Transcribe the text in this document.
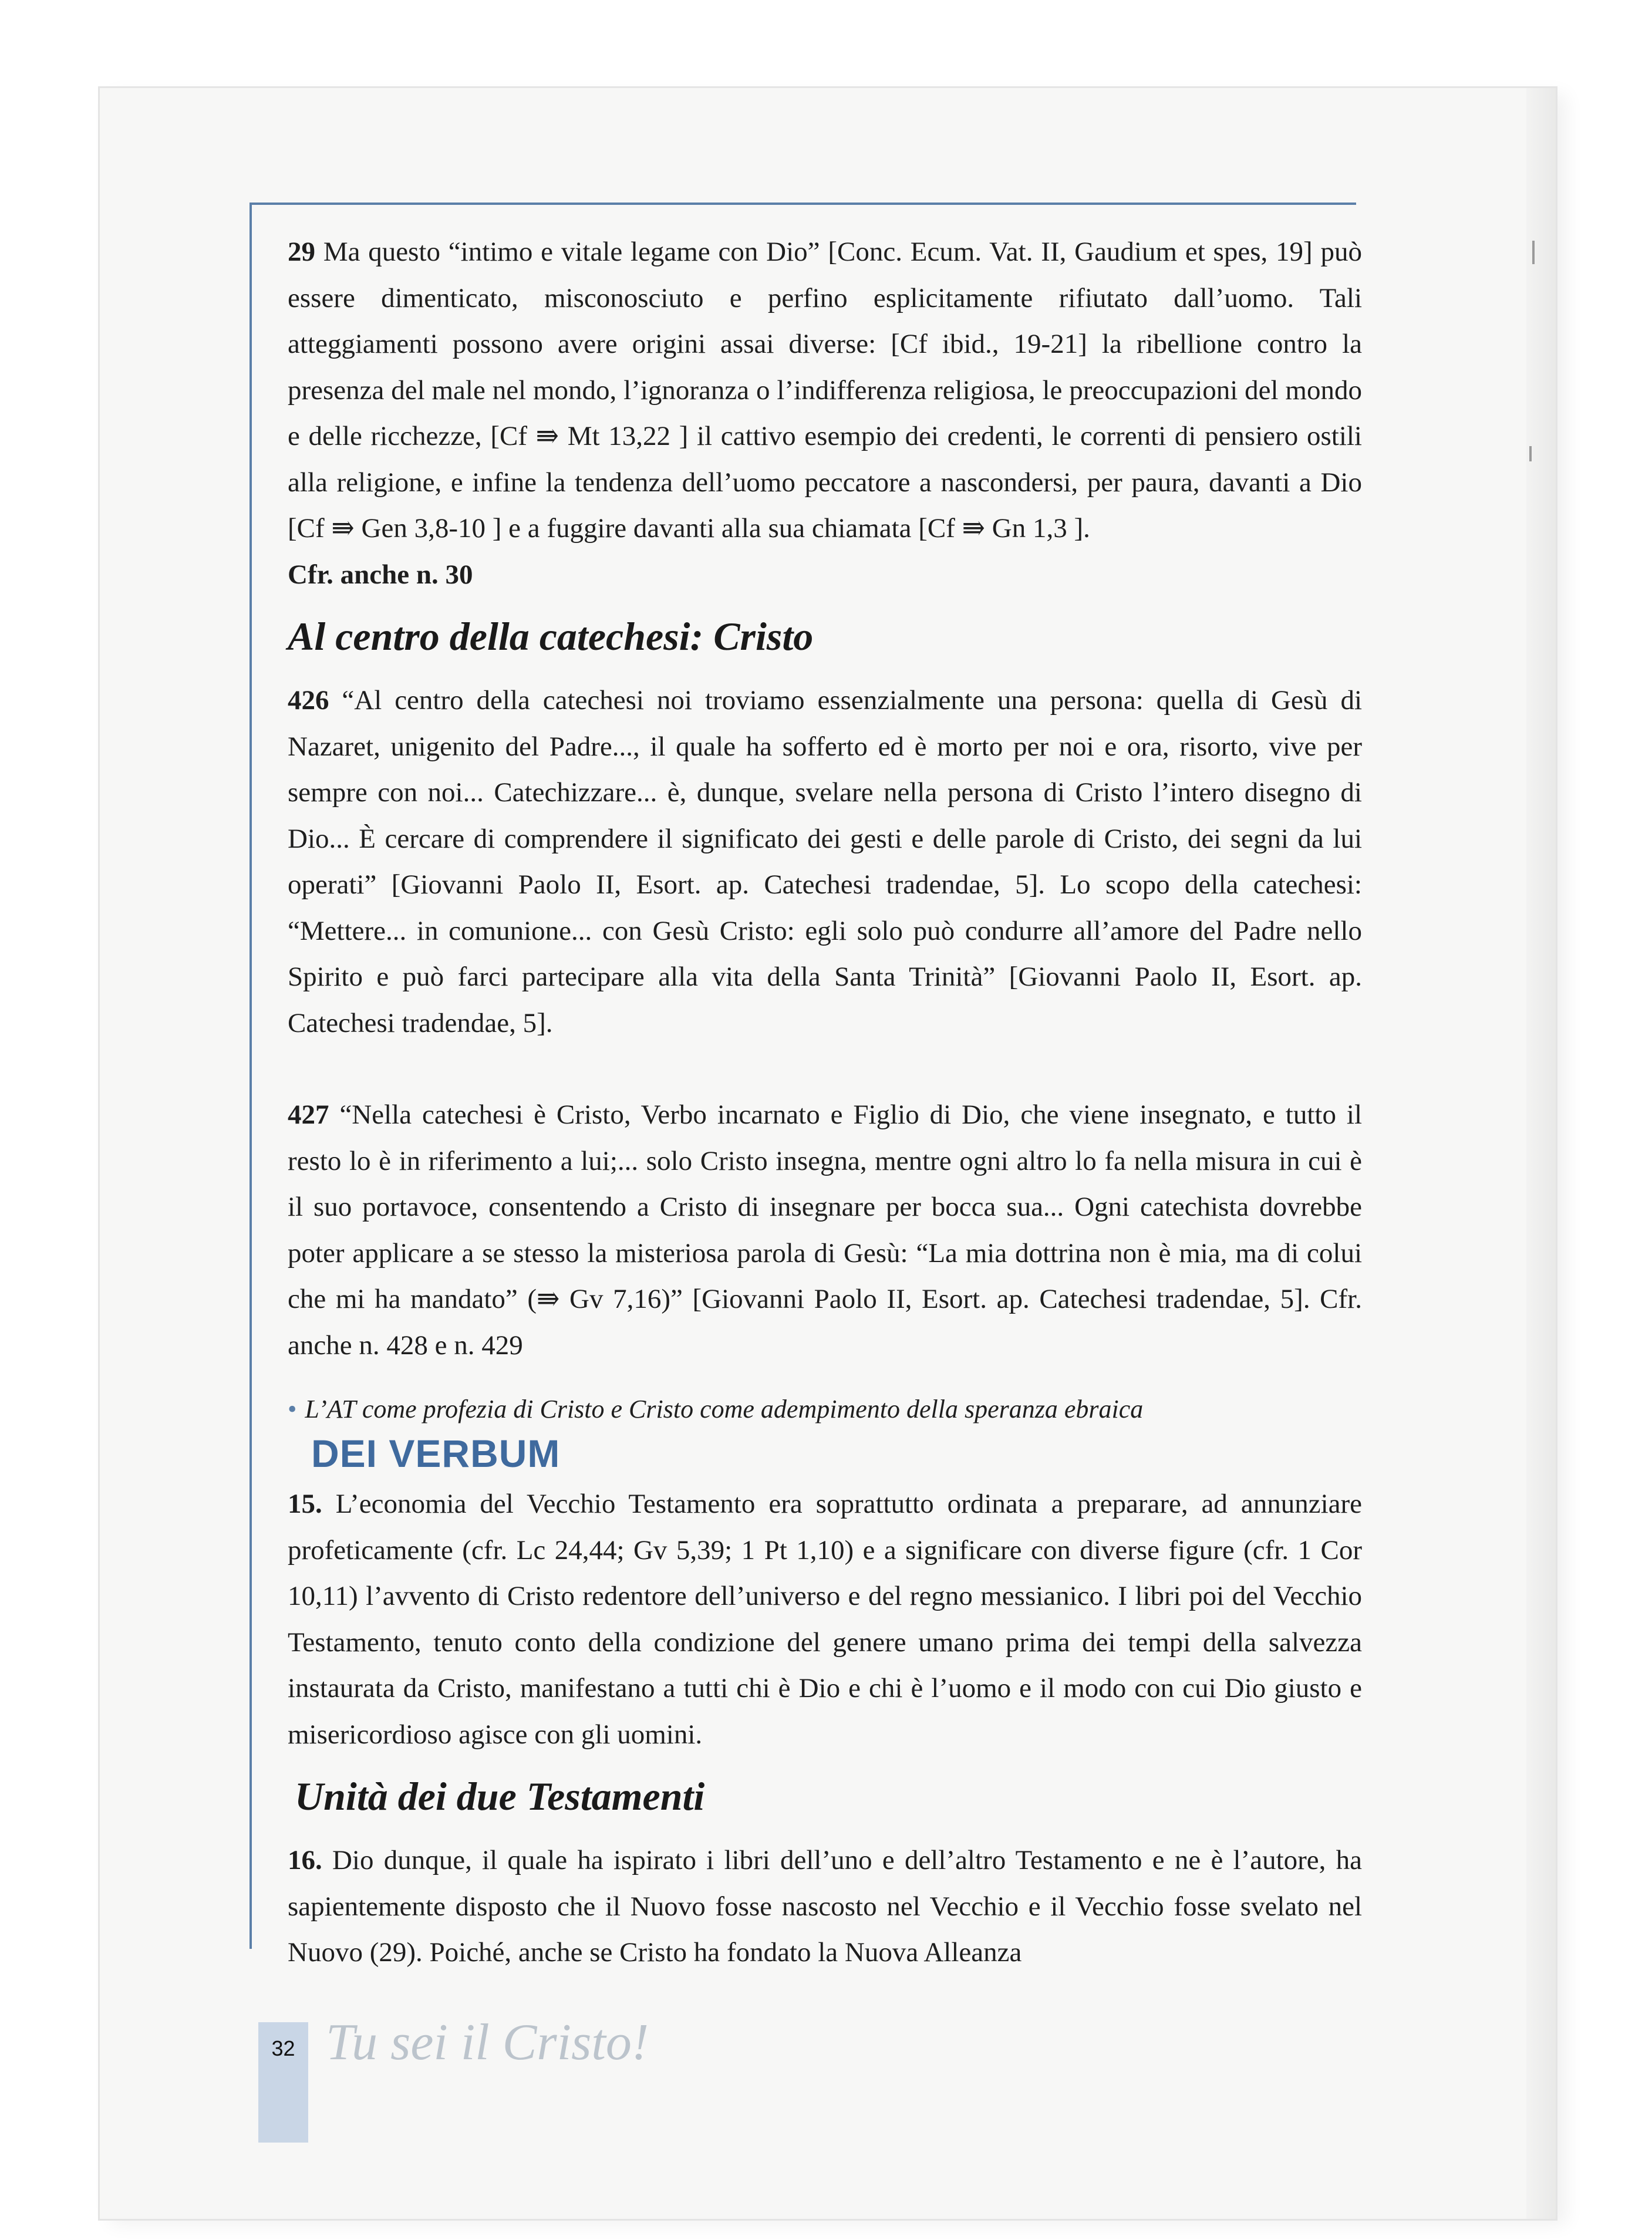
29 Ma questo “intimo e vitale legame con Dio” [Conc. Ecum. Vat. II, Gaudium et spes, 19] può essere dimenticato, misconosciuto e perfino esplicitamente rifiutato dall’uomo. Tali atteggiamenti possono avere origini assai diverse: [Cf ibid., 19-21] la ribellione contro la presenza del male nel mondo, l’ignoranza o l’indifferenza religiosa, le preoccupazioni del mondo e delle ricchezze, [Cf ⇛ Mt 13,22 ] il cattivo esempio dei credenti, le correnti di pensiero ostili alla religione, e infine la tendenza dell’uomo peccatore a nascondersi, per paura, davanti a Dio [Cf ⇛ Gen 3,8-10 ] e a fuggire davanti alla sua chiamata [Cf ⇛ Gn 1,3 ].

Cfr. anche n. 30

Al centro della catechesi: Cristo

426 “Al centro della catechesi noi troviamo essenzialmente una persona: quella di Gesù di Nazaret, unigenito del Padre..., il quale ha sofferto ed è morto per noi e ora, risorto, vive per sempre con noi... Catechizzare... è, dunque, svelare nella persona di Cristo l’intero disegno di Dio... È cercare di comprendere il significato dei gesti e delle parole di Cristo, dei segni da lui operati” [Giovanni Paolo II, Esort. ap. Catechesi tradendae, 5]. Lo scopo della catechesi: “Mettere... in comunione... con Gesù Cristo: egli solo può condurre all’amore del Padre nello Spirito e può farci partecipare alla vita della Santa Trinità” [Giovanni Paolo II, Esort. ap. Catechesi tradendae, 5].

427 “Nella catechesi è Cristo, Verbo incarnato e Figlio di Dio, che viene insegnato, e tutto il resto lo è in riferimento a lui;... solo Cristo insegna, mentre ogni altro lo fa nella misura in cui è il suo portavoce, consentendo a Cristo di insegnare per bocca sua... Ogni catechista dovrebbe poter applicare a se stesso la misteriosa parola di Gesù: “La mia dottrina non è mia, ma di colui che mi ha mandato” (⇛ Gv 7,16)” [Giovanni Paolo II, Esort. ap. Catechesi tradendae, 5]. Cfr. anche n. 428 e n. 429

• L’AT come profezia di Cristo e Cristo come adempimento della speranza ebraica

DEI VERBUM

15. L’economia del Vecchio Testamento era soprattutto ordinata a preparare, ad annunziare profeticamente (cfr. Lc 24,44; Gv 5,39; 1 Pt 1,10) e a significare con diverse figure (cfr. 1 Cor 10,11) l’avvento di Cristo redentore dell’universo e del regno messianico. I libri poi del Vecchio Testamento, tenuto conto della condizione del genere umano prima dei tempi della salvezza instaurata da Cristo, manifestano a tutti chi è Dio e chi è l’uomo e il modo con cui Dio giusto e misericordioso agisce con gli uomini.

Unità dei due Testamenti

16. Dio dunque, il quale ha ispirato i libri dell’uno e dell’altro Testamento e ne è l’autore, ha sapientemente disposto che il Nuovo fosse nascosto nel Vecchio e il Vecchio fosse svelato nel Nuovo (29). Poiché, anche se Cristo ha fondato la Nuova Alleanza

32 Tu sei il Cristo!
